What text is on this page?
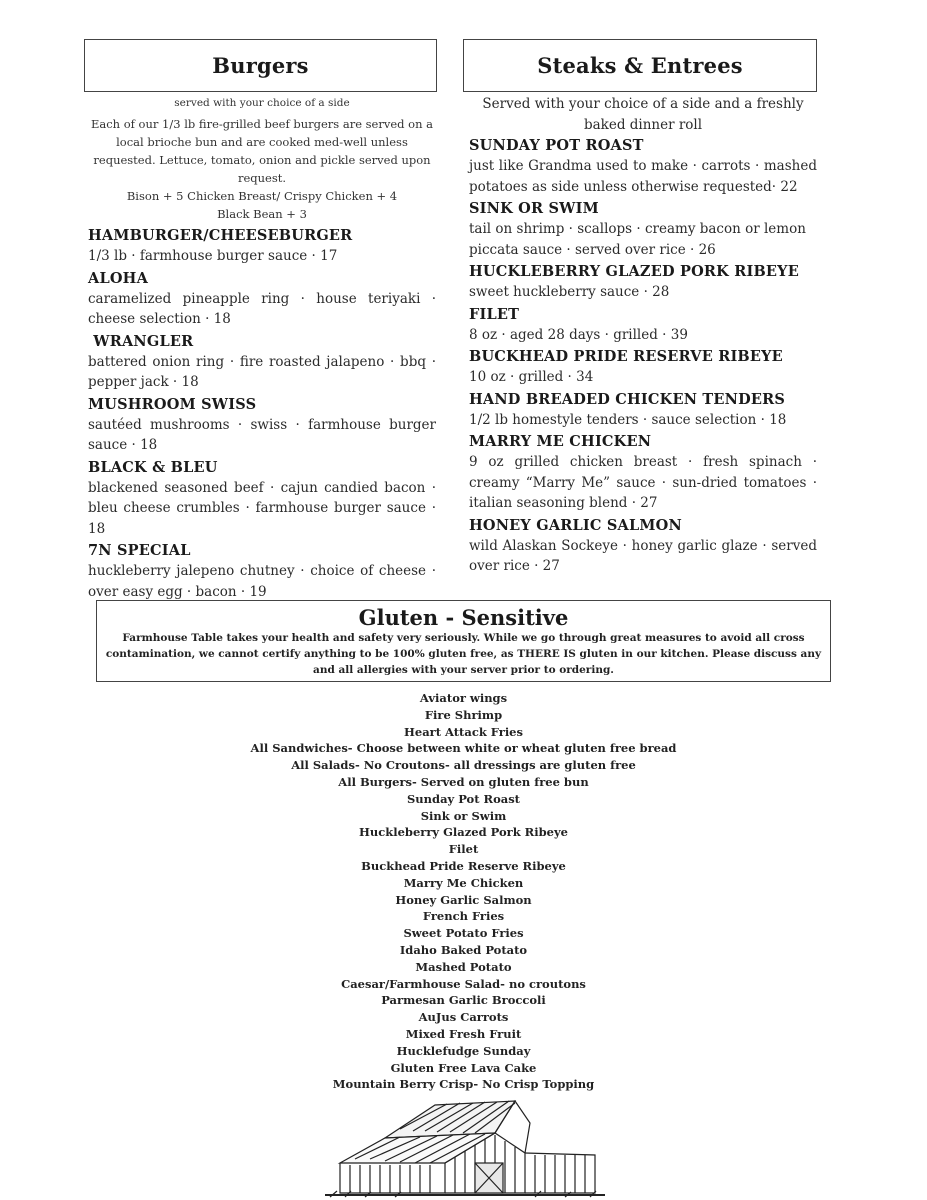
Burgers	Steaks & Entrees
served with your choice of a side
Each of our 1/3 lb fire-grilled beef burgers are served on a local brioche bun and are cooked med-well unless requested. Lettuce, tomato, onion and pickle served upon request.
Bison + 5 Chicken Breast/ Crispy Chicken + 4
Black Bean + 3

HAMBURGER/CHEESEBURGER

1/3 lb · farmhouse burger sauce · 17

ALOHA

caramelized pineapple ring · house teriyaki · cheese selection · 18

WRANGLER

battered onion ring · fire roasted jalapeno · bbq · pepper jack · 18

MUSHROOM SWISS

sautéed mushrooms · swiss · farmhouse burger sauce · 18

BLACK & BLEU

blackened seasoned beef · cajun candied bacon · bleu cheese crumbles · farmhouse burger sauce · 18

7N SPECIAL

huckleberry jalepeno chutney · choice of cheese · over easy egg · bacon · 19

Served with your choice of a side and a freshly baked dinner roll

SUNDAY POT ROAST

just like Grandma used to make · carrots · mashed potatoes as side unless otherwise requested· 22

SINK OR SWIM

tail on shrimp · scallops · creamy bacon or lemon piccata sauce · served over rice · 26

HUCKLEBERRY GLAZED PORK RIBEYE

sweet huckleberry sauce · 28

FILET

8 oz · aged 28 days · grilled · 39

BUCKHEAD PRIDE RESERVE RIBEYE

10 oz · grilled · 34

HAND BREADED CHICKEN TENDERS

1/2 lb homestyle tenders · sauce selection · 18

MARRY ME CHICKEN

9 oz grilled chicken breast · fresh spinach · creamy “Marry Me” sauce · sun-dried tomatoes · italian seasoning blend · 27

HONEY GARLIC SALMON

wild Alaskan Sockeye · honey garlic glaze · served over rice · 27

Gluten - Sensitive
Farmhouse Table takes your health and safety very seriously. While we go through great measures to avoid all cross contamination, we cannot certify anything to be 100% gluten free, as THERE IS gluten in our kitchen. Please discuss any and all allergies with your server prior to ordering.
Aviator wings
Fire Shrimp
Heart Attack Fries
All Sandwiches- Choose between white or wheat gluten free bread
All Salads- No Croutons- all dressings are gluten free
All Burgers- Served on gluten free bun
Sunday Pot Roast
Sink or Swim
Huckleberry Glazed Pork Ribeye
Filet
Buckhead Pride Reserve Ribeye
Marry Me Chicken
Honey Garlic Salmon
French Fries
Sweet Potato Fries
Idaho Baked Potato
Mashed Potato
Caesar/Farmhouse Salad- no croutons
Parmesan Garlic Broccoli
AuJus Carrots
Mixed Fresh Fruit
Hucklefudge Sunday
Gluten Free Lava Cake
Mountain Berry Crisp- No Crisp Topping
